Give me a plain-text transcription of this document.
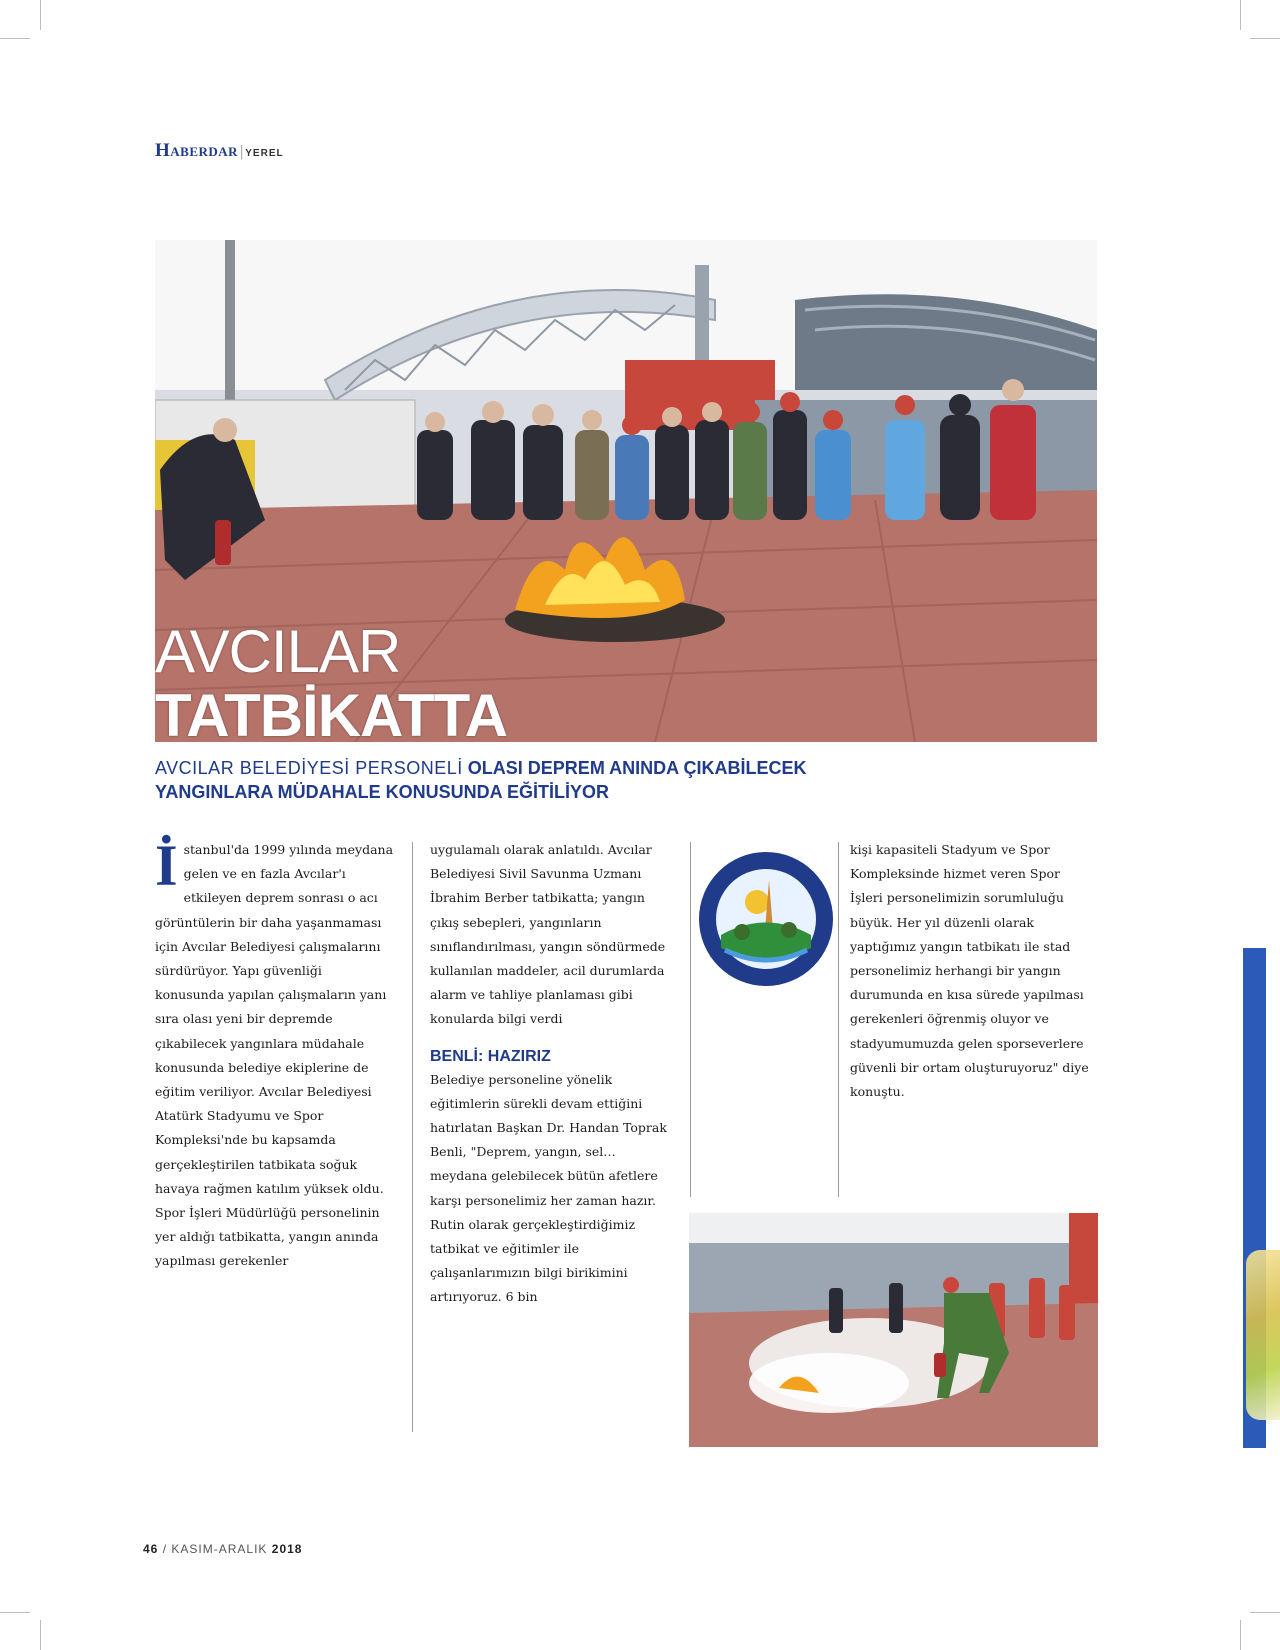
Haberdar | YEREL
AVCILAR
TATBİKATTA
AVCILAR BELEDİYESİ PERSONELİ OLASI DEPREM ANINDA ÇIKABİLECEK YANGINLARA MÜDAHALE KONUSUNDA EĞİTİLİYOR
İstanbul'da 1999 yılında meydana gelen ve en fazla Avcılar'ı etkileyen deprem sonrası o acı görüntülerin bir daha yaşanmaması için Avcılar Belediyesi çalışmalarını sürdürüyor. Yapı güvenliği konusunda yapılan çalışmaların yanı sıra olası yeni bir depremde çıkabilecek yangınlara müdahale konusunda belediye ekiplerine de eğitim veriliyor. Avcılar Belediyesi Atatürk Stadyumu ve Spor Kompleksi'nde bu kapsamda gerçekleştirilen tatbikata soğuk havaya rağmen katılım yüksek oldu. Spor İşleri Müdürlüğü personelinin yer aldığı tatbikatta, yangın anında yapılması gerekenler
uygulamalı olarak anlatıldı. Avcılar Belediyesi Sivil Savunma Uzmanı İbrahim Berber tatbikatta; yangın çıkış sebepleri, yangınların sınıflandırılması, yangın söndürmede kullanılan maddeler, acil durumlarda alarm ve tahliye planlaması gibi konularda bilgi verdi
BENLİ: HAZIRIZ
Belediye personeline yönelik eğitimlerin sürekli devam ettiğini hatırlatan Başkan Dr. Handan Toprak Benli, "Deprem, yangın, sel… meydana gelebilecek bütün afetlere karşı personelimiz her zaman hazır. Rutin olarak gerçekleştirdiğimiz tatbikat ve eğitimler ile çalışanlarımızın bilgi birikimini artırıyoruz. 6 bin
kişi kapasiteli Stadyum ve Spor Kompleksinde hizmet veren Spor İşleri personelimizin sorumluluğu büyük. Her yıl düzenli olarak yaptığımız yangın tatbikatı ile stad personelimiz herhangi bir yangın durumunda en kısa sürede yapılması gerekenleri öğrenmiş oluyor ve stadyumumuzda gelen sporseverlere güvenli bir ortam oluşturuyoruz" diye konuştu.
46 / KASIM-ARALIK 2018
